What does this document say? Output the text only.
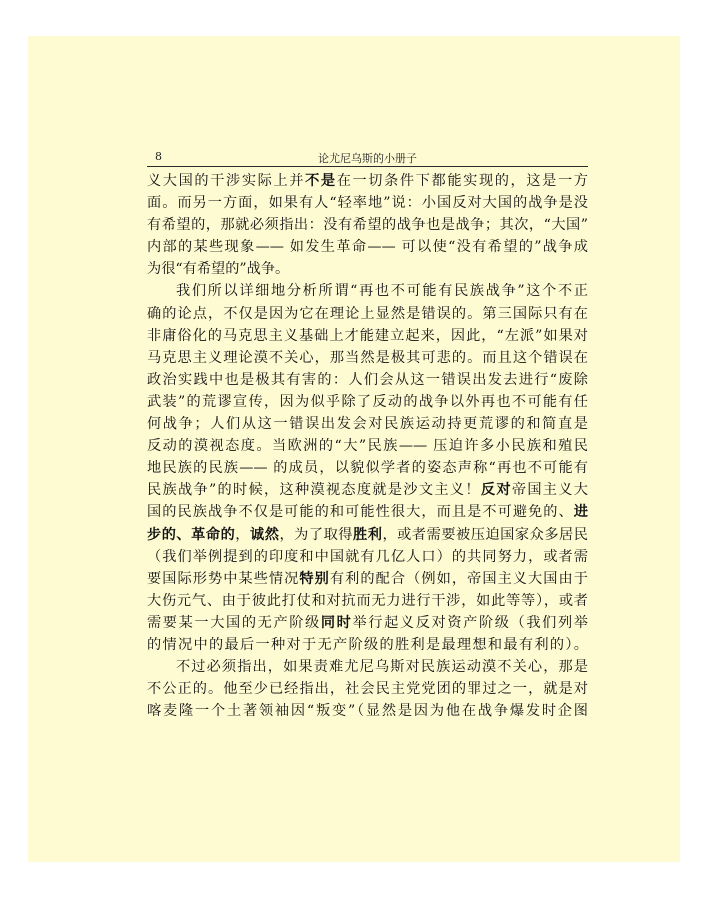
8	论尤尼乌斯的小册子
义大国的干涉实际上并不是在一切条件下都能实现的，这是一方
面。而另一方面，如果有人“轻率地”说：小国反对大国的战争是没
有希望的，那就必须指出：没有希望的战争也是战争；其次，“大国”
内部的某些现象—— 如发生革命—— 可以使“没有希望的”战争成
为很“有希望的”战争。
我们所以详细地分析所谓“再也不可能有民族战争”这个不正
确的论点，不仅是因为它在理论上显然是错误的。第三国际只有在
非庸俗化的马克思主义基础上才能建立起来，因此，“左派”如果对
马克思主义理论漠不关心，那当然是极其可悲的。而且这个错误在
政治实践中也是极其有害的：人们会从这一错误出发去进行“废除
武装”的荒谬宣传，因为似乎除了反动的战争以外再也不可能有任
何战争；人们从这一错误出发会对民族运动持更荒谬的和简直是
反动的漠视态度。当欧洲的“大”民族—— 压迫许多小民族和殖民
地民族的民族—— 的成员，以貌似学者的姿态声称“再也不可能有
民族战争”的时候，这种漠视态度就是沙文主义！反对帝国主义大
国的民族战争不仅是可能的和可能性很大，而且是不可避免的、进
步的、革命的，诚然，为了取得胜利，或者需要被压迫国家众多居民
（我们举例提到的印度和中国就有几亿人口）的共同努力，或者需
要国际形势中某些情况特别有利的配合（例如，帝国主义大国由于
大伤元气、由于彼此打仗和对抗而无力进行干涉，如此等等），或者
需要某一大国的无产阶级同时举行起义反对资产阶级（我们列举
的情况中的最后一种对于无产阶级的胜利是最理想和最有利的）。
不过必须指出，如果责难尤尼乌斯对民族运动漠不关心，那是
不公正的。他至少已经指出，社会民主党党团的罪过之一，就是对
喀麦隆一个土著领袖因“叛变”（显然是因为他在战争爆发时企图
